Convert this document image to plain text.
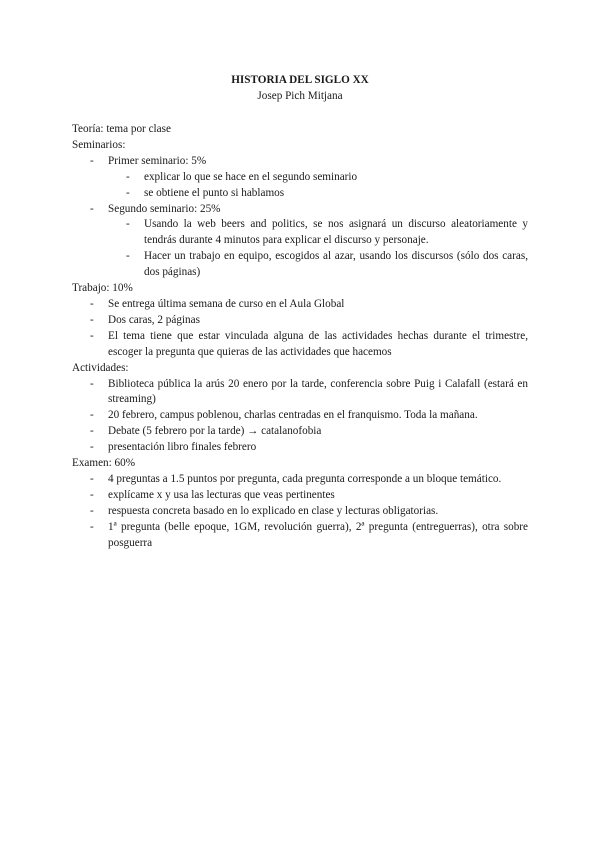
HISTORIA DEL SIGLO XX
Josep Pich Mitjana

Teoría: tema por clase

Seminarios:

- Primer seminario: 5%
- explicar lo que se hace en el segundo seminario
- se obtiene el punto si hablamos
- Segundo seminario: 25%
- Usando la web beers and politics, se nos asignará un discurso aleatoriamente y tendrás durante 4 minutos para explicar el discurso y personaje.
- Hacer un trabajo en equipo, escogidos al azar, usando los discursos (sólo dos caras, dos páginas)

Trabajo: 10%

- Se entrega última semana de curso en el Aula Global
- Dos caras, 2 páginas
- El tema tiene que estar vinculada alguna de las actividades hechas durante el trimestre, escoger la pregunta que quieras de las actividades que hacemos

Actividades:

- Biblioteca pública la arús 20 enero por la tarde, conferencia sobre Puig i Calafall (estará en streaming)
- 20 febrero, campus poblenou, charlas centradas en el franquismo. Toda la mañana.
- Debate (5 febrero por la tarde) → catalanofobia
- presentación libro finales febrero

Examen: 60%

- 4 preguntas a 1.5 puntos por pregunta, cada pregunta corresponde a un bloque temático.
- explícame x y usa las lecturas que veas pertinentes
- respuesta concreta basado en lo explicado en clase y lecturas obligatorias.
- 1ª pregunta (belle epoque, 1GM, revolución guerra), 2ª pregunta (entreguerras), otra sobre posguerra
